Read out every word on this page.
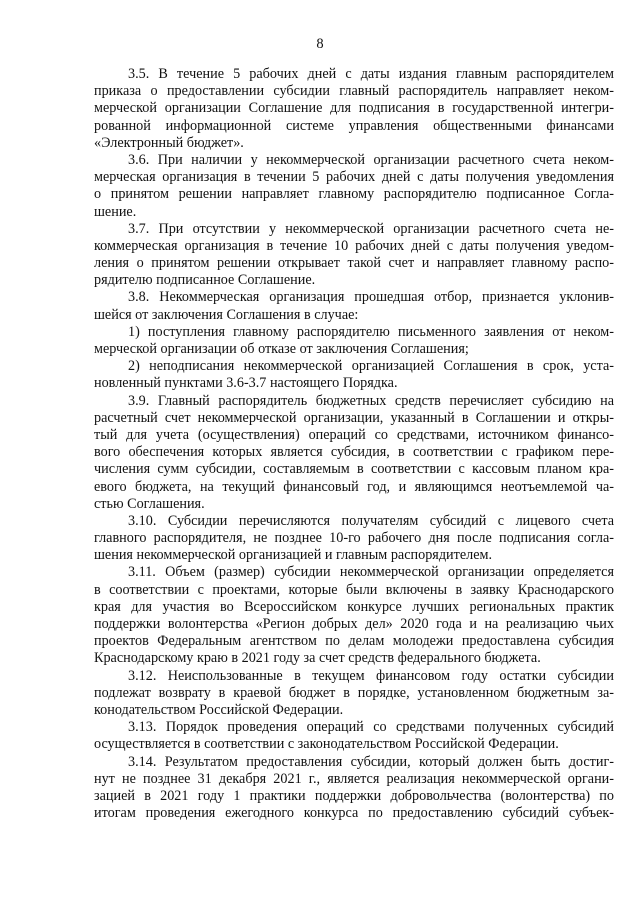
8
3.5. В течение 5 рабочих дней с даты издания главным распорядителем
приказа о предоставлении субсидии главный распорядитель направляет неком-
мерческой организации Соглашение для подписания в государственной интегри-
рованной информационной системе управления общественными финансами
«Электронный бюджет».
3.6. При наличии у некоммерческой организации расчетного счета неком-
мерческая организация в течении 5 рабочих дней с даты получения уведомления
о принятом решении направляет главному распорядителю подписанное Согла-
шение.
3.7. При отсутствии у некоммерческой организации расчетного счета не-
коммерческая организация в течение 10 рабочих дней с даты получения уведом-
ления о принятом решении открывает такой счет и направляет главному распо-
рядителю подписанное Соглашение.
3.8. Некоммерческая организация прошедшая отбор, признается уклонив-
шейся от заключения Соглашения в случае:
1) поступления главному распорядителю письменного заявления от неком-
мерческой организации об отказе от заключения Соглашения;
2) неподписания некоммерческой организацией Соглашения в срок, уста-
новленный пунктами 3.6-3.7 настоящего Порядка.
3.9. Главный распорядитель бюджетных средств перечисляет субсидию на
расчетный счет некоммерческой организации, указанный в Соглашении и откры-
тый для учета (осуществления) операций со средствами, источником финансо-
вого обеспечения которых является субсидия, в соответствии с графиком пере-
числения сумм субсидии, составляемым в соответствии с кассовым планом кра-
евого бюджета, на текущий финансовый год, и являющимся неотъемлемой ча-
стью Соглашения.
3.10. Субсидии перечисляются получателям субсидий с лицевого счета
главного распорядителя, не позднее 10-го рабочего дня после подписания согла-
шения некоммерческой организацией и главным распорядителем.
3.11. Объем (размер) субсидии некоммерческой организации определяется
в соответствии с проектами, которые были включены в заявку Краснодарского
края для участия во Всероссийском конкурсе лучших региональных практик
поддержки волонтерства «Регион добрых дел» 2020 года и на реализацию чьих
проектов Федеральным агентством по делам молодежи предоставлена субсидия
Краснодарскому краю в 2021 году за счет средств федерального бюджета.
3.12. Неиспользованные в текущем финансовом году остатки субсидии
подлежат возврату в краевой бюджет в порядке, установленном бюджетным за-
конодательством Российской Федерации.
3.13. Порядок проведения операций со средствами полученных субсидий
осуществляется в соответствии с законодательством Российской Федерации.
3.14. Результатом предоставления субсидии, который должен быть достиг-
нут не позднее 31 декабря 2021 г., является реализация некоммерческой органи-
зацией в 2021 году 1 практики поддержки добровольчества (волонтерства) по
итогам проведения ежегодного конкурса по предоставлению субсидий субъек-
